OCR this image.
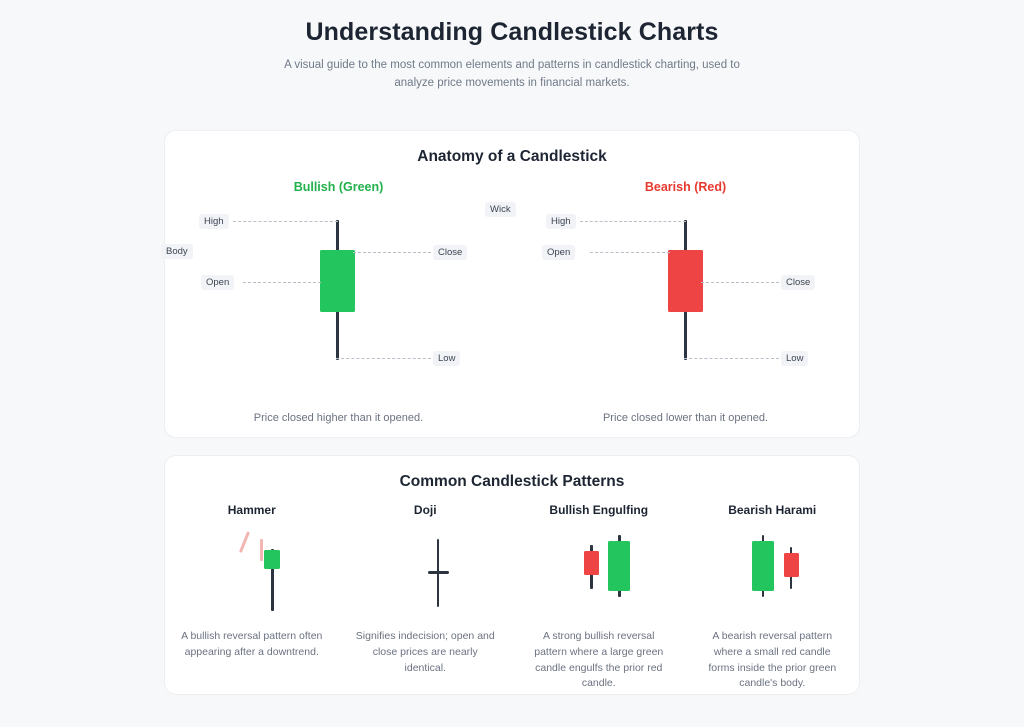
Understanding Candlestick Charts

A visual guide to the most common elements and patterns in candlestick charting, used to analyze price movements in financial markets.

Anatomy of a Candlestick
Bullish (Green)
High
Close
Open
Low
Body
Wick
Price closed higher than it opened.
Bearish (Red)
High
Open
Close
Low
Price closed lower than it opened.
Common Candlestick Patterns
Hammer

A bullish reversal pattern often appearing after a downtrend.

Doji

Signifies indecision; open and close prices are nearly identical.

Bullish Engulfing

A strong bullish reversal pattern where a large green candle engulfs the prior red candle.

Bearish Harami

A bearish reversal pattern where a small red candle forms inside the prior green candle's body.
